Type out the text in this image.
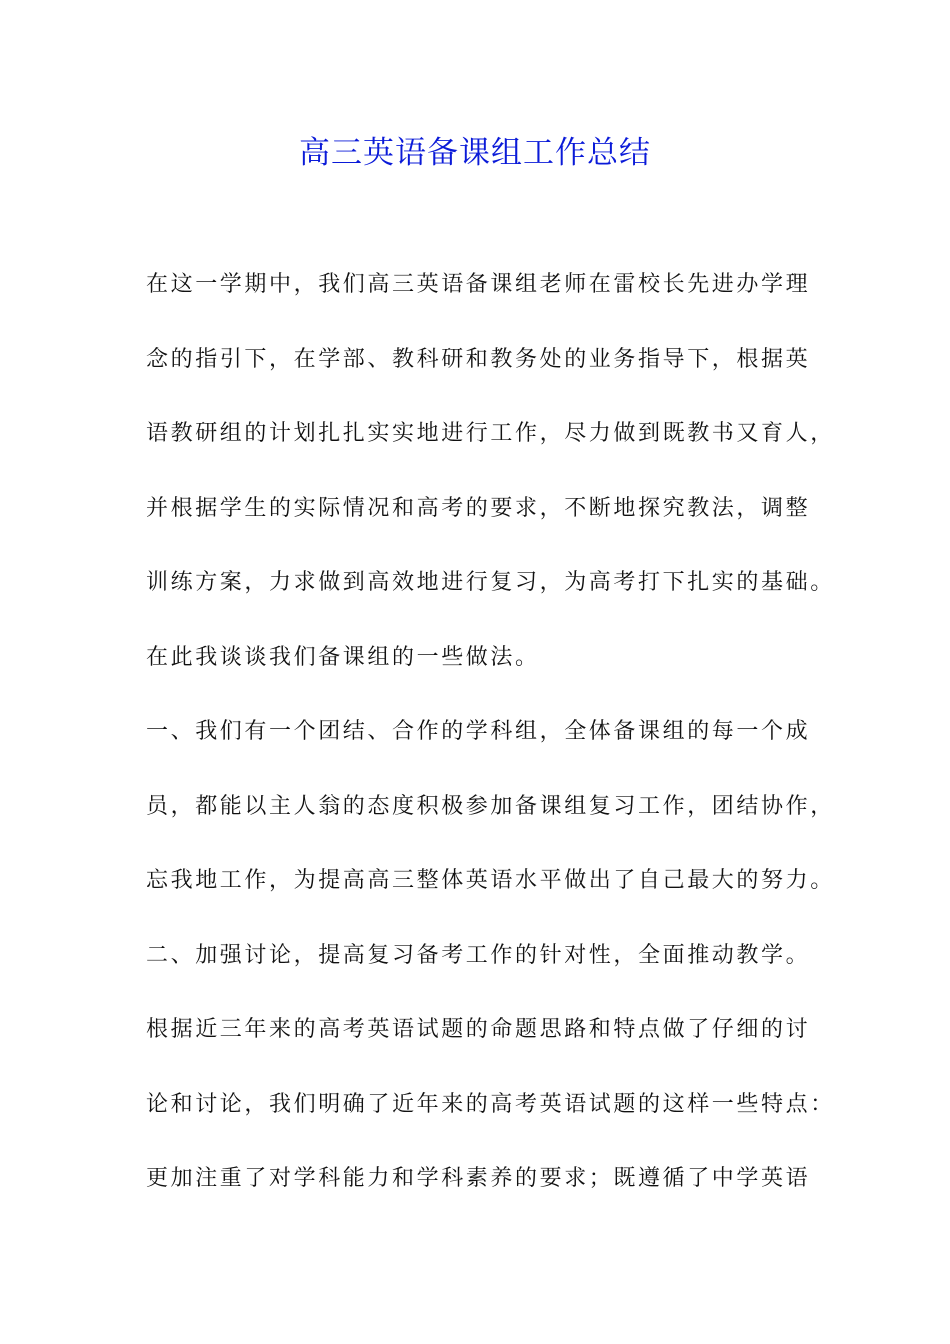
高三英语备课组工作总结
在这一学期中，我们高三英语备课组老师在雷校长先进办学理
念的指引下，在学部、教科研和教务处的业务指导下，根据英
语教研组的计划扎扎实实地进行工作，尽力做到既教书又育人，
并根据学生的实际情况和高考的要求，不断地探究教法，调整
训练方案，力求做到高效地进行复习，为高考打下扎实的基础。
在此我谈谈我们备课组的一些做法。
一、我们有一个团结、合作的学科组，全体备课组的每一个成
员，都能以主人翁的态度积极参加备课组复习工作，团结协作，
忘我地工作，为提高高三整体英语水平做出了自己最大的努力。
二、加强讨论，提高复习备考工作的针对性，全面推动教学。
根据近三年来的高考英语试题的命题思路和特点做了仔细的讨
论和讨论，我们明确了近年来的高考英语试题的这样一些特点：
更加注重了对学科能力和学科素养的要求；既遵循了中学英语
